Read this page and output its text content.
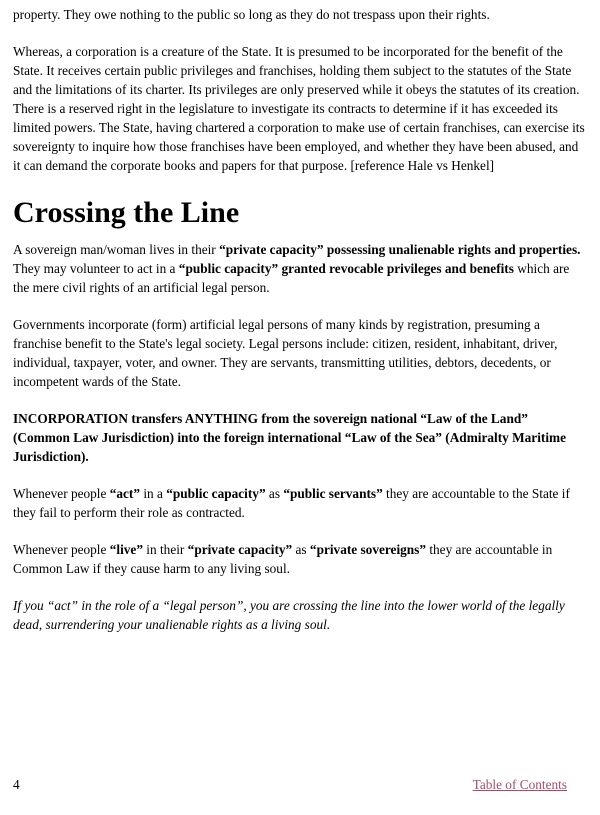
property. They owe nothing to the public so long as they do not trespass upon their rights.

Whereas, a corporation is a creature of the State. It is presumed to be incorporated for the benefit of the State. It receives certain public privileges and franchises, holding them subject to the statutes of the State and the limitations of its charter. Its privileges are only preserved while it obeys the statutes of its creation. There is a reserved right in the legislature to investigate its contracts to determine if it has exceeded its limited powers. The State, having chartered a corporation to make use of certain franchises, can exercise its sovereignty to inquire how those franchises have been employed, and whether they have been abused, and it can demand the corporate books and papers for that purpose. [reference Hale vs Henkel]

Crossing the Line

A sovereign man/woman lives in their “private capacity” possessing unalienable rights and properties. They may volunteer to act in a “public capacity” granted revocable privileges and benefits which are the mere civil rights of an artificial legal person.

Governments incorporate (form) artificial legal persons of many kinds by registration, presuming a franchise benefit to the State's legal society. Legal persons include: citizen, resident, inhabitant, driver, individual, taxpayer, voter, and owner. They are servants, transmitting utilities, debtors, decedents, or incompetent wards of the State.

INCORPORATION transfers ANYTHING from the sovereign national “Law of the Land” (Common Law Jurisdiction) into the foreign international “Law of the Sea” (Admiralty Maritime Jurisdiction).

Whenever people “act” in a “public capacity” as “public servants” they are accountable to the State if they fail to perform their role as contracted.

Whenever people “live” in their “private capacity” as “private sovereigns” they are accountable in Common Law if they cause harm to any living soul.

If you “act” in the role of a “legal person”, you are crossing the line into the lower world of the legally dead, surrendering your unalienable rights as a living soul.

4	Table of Contents
